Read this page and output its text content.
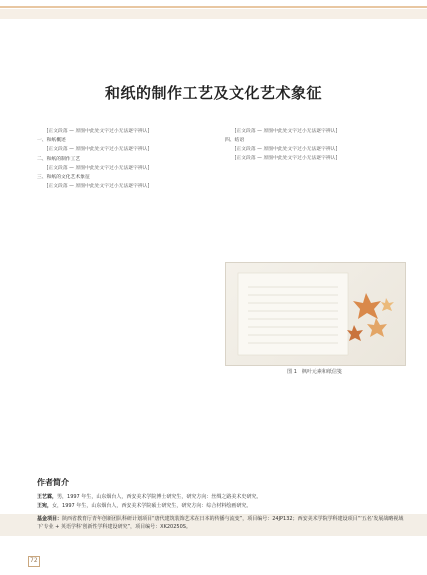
和纸的制作工艺及文化艺术象征

[正文段落 — 原图中此处文字过小无法逐字辨认]

一、和纸概述

[正文段落 — 原图中此处文字过小无法逐字辨认]

二、和纸的制作工艺

[正文段落 — 原图中此处文字过小无法逐字辨认]

三、和纸的文化艺术象征

[正文段落 — 原图中此处文字过小无法逐字辨认]

[正文段落 — 原图中此处文字过小无法逐字辨认]

四、结语

[正文段落 — 原图中此处文字过小无法逐字辨认]

[正文段落 — 原图中此处文字过小无法逐字辨认]

图 1　枫叶元素和纸信笺
作者简介
王艺霖，男，1997 年生，山东烟台人，西安美术学院博士研究生，研究方向：丝绸之路美术史研究。
王宛，女，1997 年生，山东烟台人，西安美术学院硕士研究生，研究方向：综合材料绘画研究。
基金项目：陕西省教育厅青年创新团队科研计划项目“唐代建筑装饰艺术在日本的传播与流变”，项目编号：24JP132；西安美术学院学科建设项目“‘五名’发展战略视域下‘专业 + 英语学科’创新性学科建设研究”，项目编号：XK20250S。
72
